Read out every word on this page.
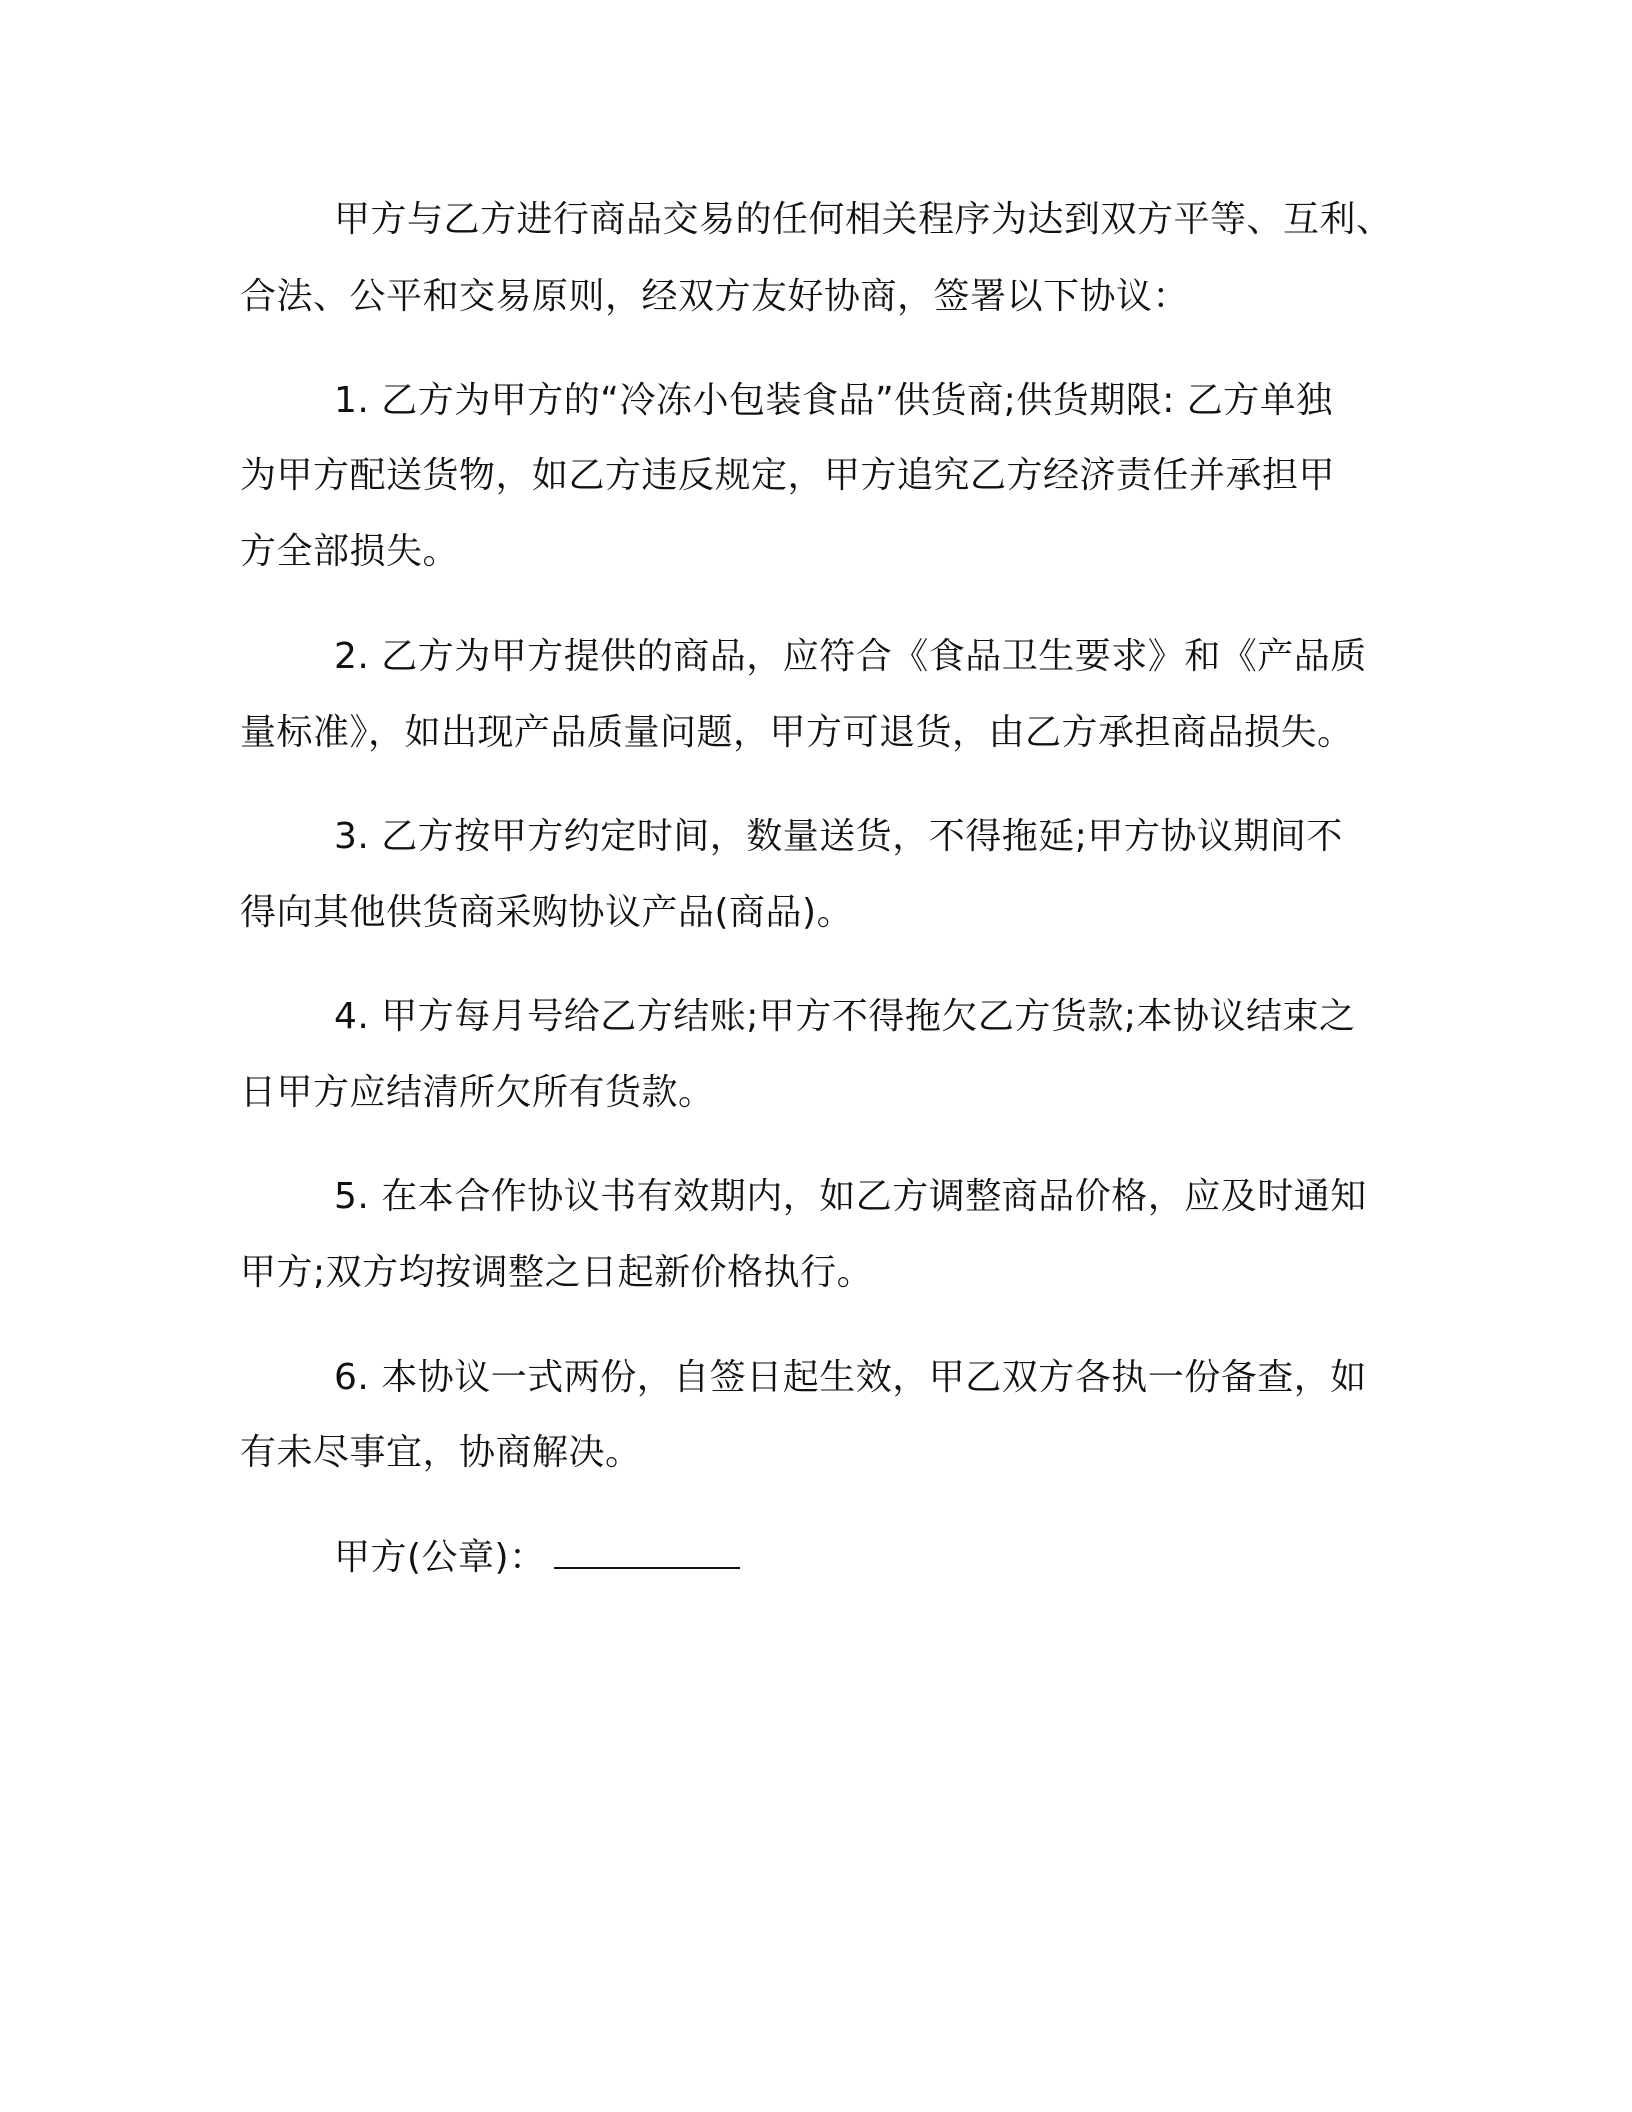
甲方与乙方进行商品交易的任何相关程序为达到双方平等、互利、

合法、公平和交易原则，经双方友好协商，签署以下协议：

1. 乙方为甲方的“冷冻小包装食品”供货商;供货期限: 乙方单独

为甲方配送货物，如乙方违反规定，甲方追究乙方经济责任并承担甲

方全部损失。

2. 乙方为甲方提供的商品，应符合《食品卫生要求》和《产品质

量标准》，如出现产品质量问题，甲方可退货，由乙方承担商品损失。

3. 乙方按甲方约定时间，数量送货，不得拖延;甲方协议期间不

得向其他供货商采购协议产品(商品)。

4. 甲方每月号给乙方结账;甲方不得拖欠乙方货款;本协议结束之

日甲方应结清所欠所有货款。

5. 在本合作协议书有效期内，如乙方调整商品价格，应及时通知

甲方;双方均按调整之日起新价格执行。

6. 本协议一式两份，自签日起生效，甲乙双方各执一份备查，如

有未尽事宜，协商解决。

甲方(公章)：
